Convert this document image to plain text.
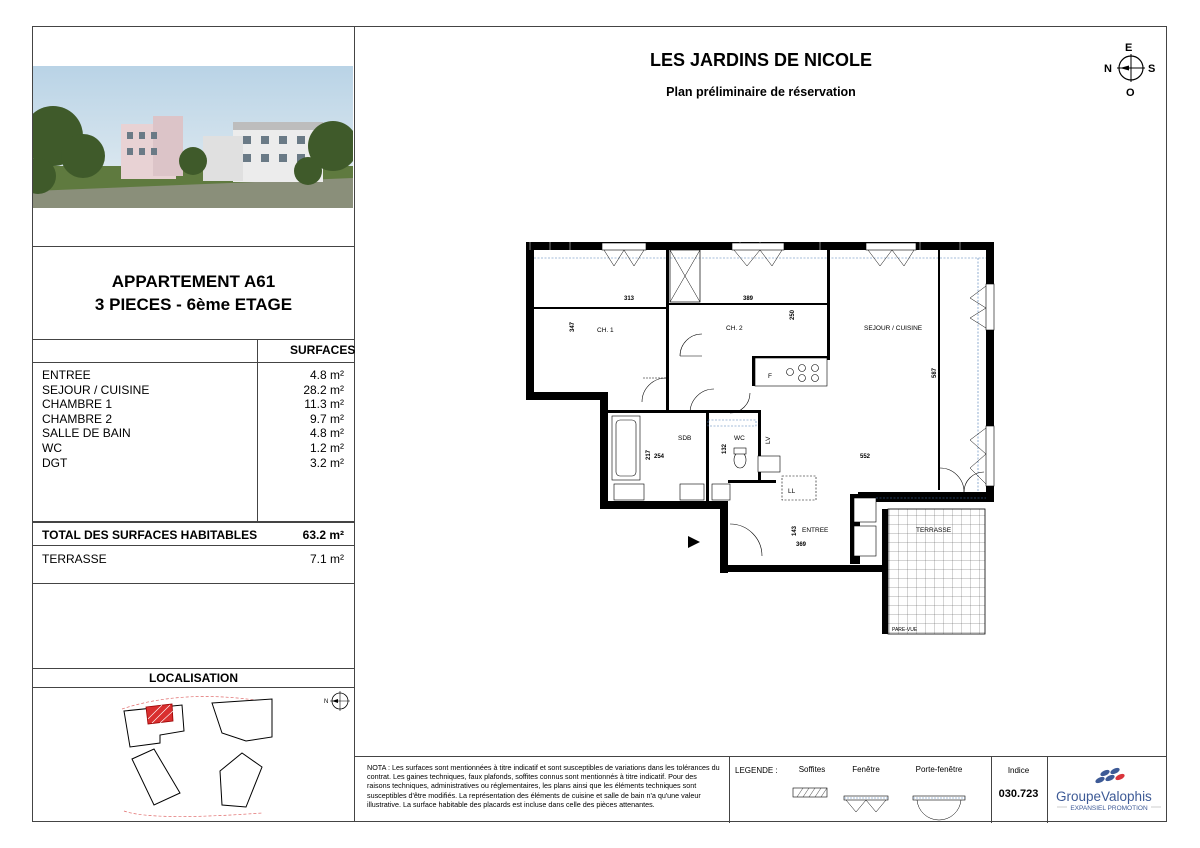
APPARTEMENT A61
3 PIECES - 6ème ETAGE
SURFACES
ENTREE	4.8 m²
SEJOUR / CUISINE	28.2 m²
CHAMBRE 1	11.3 m²
CHAMBRE 2	9.7 m²
SALLE DE BAIN	4.8 m²
WC	1.2 m²
DGT	3.2 m²
TOTAL DES SURFACES HABITABLES	63.2 m²
TERRASSE	7.1 m²
LOCALISATION
N
LES JARDINS DE NICOLE
Plan préliminaire de réservation
N
E
S
O
CH. 1	CH. 2	SEJOUR / CUISINE
SDB	WC
ENTREE	TERRASSE
PARE-VUE
F
LV
LL
313	389
347
250
587
254
217
132
552
143
369
NOTA : Les surfaces sont mentionnées à titre indicatif et sont susceptibles de variations dans les tolérances du contrat. Les gaines techniques, faux plafonds, soffites connus sont mentionnés à titre indicatif. Pour des raisons techniques, administratives ou réglementaires, les plans ainsi que les éléments techniques sont susceptibles d'être modifiés. La représentation des éléments de cuisine et salle de bain n'a qu'une valeur illustrative. La surface habitable des placards est incluse dans celle des pièces attenantes.
LEGENDE :	Soffites	Fenêtre	Porte-fenêtre	Indice
030.723 GroupeValophis
EXPANSIEL PROMOTION
